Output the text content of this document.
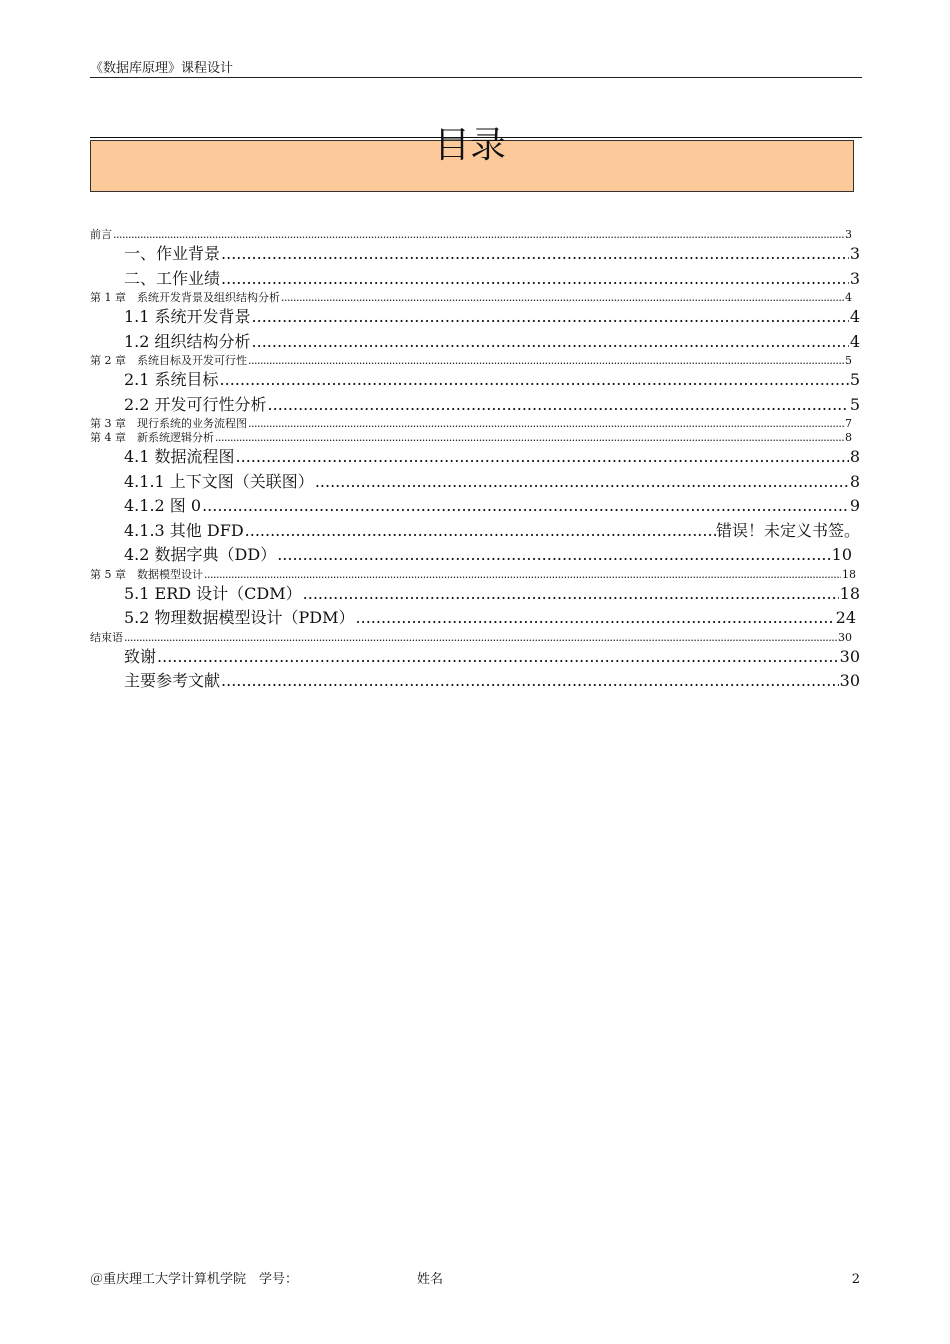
《数据库原理》课程设计
目录
前言 .....	3
一、作业背景 .....	3
二、工作业绩 .....	3
第 1 章　系统开发背景及组织结构分析 .....	4
1.1 系统开发背景 .....	4
1.2 组织结构分析 .....	4
第 2 章　系统目标及开发可行性 .....	5
2.1 系统目标 .....	5
2.2 开发可行性分析 .....	5
第 3 章　现行系统的业务流程图 .....	7
第 4 章　新系统逻辑分析 .....	8
4.1 数据流程图 .....	8
4.1.1 上下文图（关联图） .....	8
4.1.2 图 0 .....	9
4.1.3 其他 DFD .....	错误！未定义书签。
4.2 数据字典（DD） .....	10
第 5 章　数据模型设计 .....	18
5.1 ERD 设计（CDM） .....	18
5.2 物理数据模型设计（PDM） .....	24
结束语 .....	30
致谢 .....	30
主要参考文献 .....	30
＠重庆理工大学计算机学院　学号：	姓名	2
